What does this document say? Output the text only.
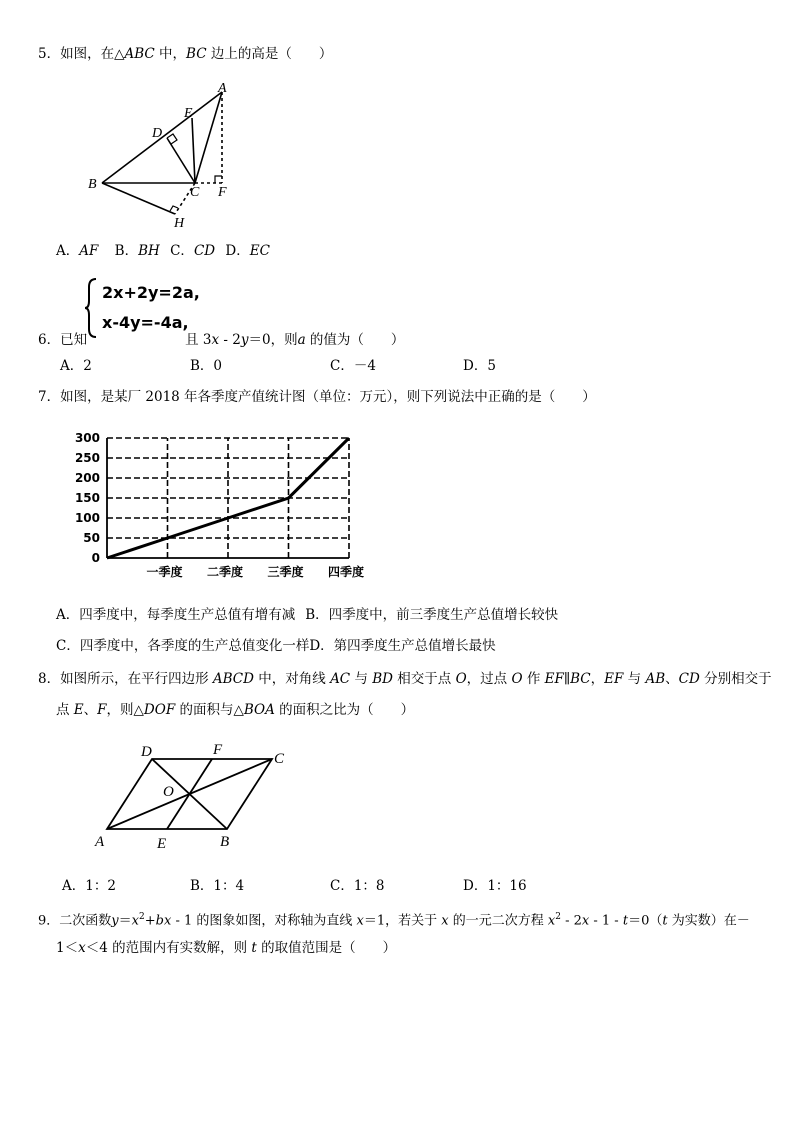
5．如图，在△ABC 中，BC 边上的高是（　　）
A
B
C
D
E
F
H
A．AF B．BH C．CD D．EC
2x+2y=2a,
x-4y=-4a,
6．已知	且 3x - 2y＝0，则a 的值为（　　）
A．2	B．0	C．－4	D．5
7．如图，是某厂 2018 年各季度产值统计图（单位：万元），则下列说法中正确的是（　　）
0
50
100
150
200
250
300
一季度 二季度 三季度 四季度
A．四季度中，每季度生产总值有增有减 B．四季度中，前三季度生产总值增长较快
C．四季度中，各季度的生产总值变化一样D．第四季度生产总值增长最快
8．如图所示，在平行四边形 ABCD 中，对角线 AC 与 BD 相交于点 O，过点 O 作 EF∥BC，EF 与 AB、CD 分别相交于
点 E、F，则△DOF 的面积与△BOA 的面积之比为（　　）
D	F
C
O
A	E	B
A．1：2	B．1：4	C．1：8	D．1：16
9．二次函数$y=x^2+bx - 1$ 的图象如图，对称轴为直线 x＝1，若关于 x 的一元二次方程 $x^2 - 2x - 1 - t=0(t$ 为实数）在－
1＜x＜4 的范围内有实数解，则 t 的取值范围是（　　）
